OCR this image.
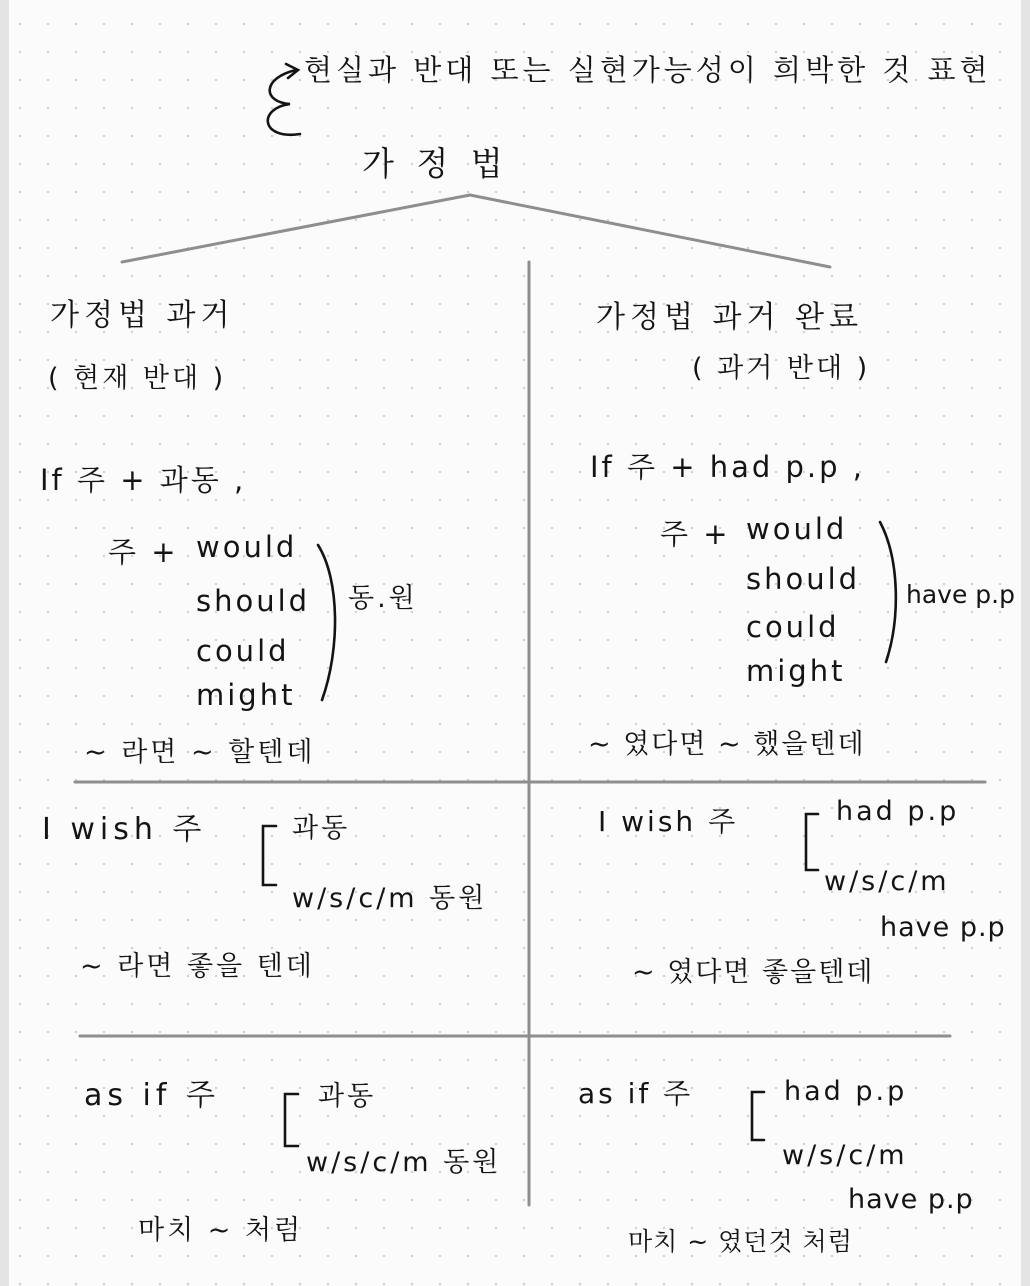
현실과 반대 또는 실현가능성이 희박한 것 표현
가 정 법
가정법 과거
( 현재 반대 )
If 주 + 과동 ,
주 + would
should
could
might
동.원
~ 라면 ~ 할텐데
I wish 주	과동
w/s/c/m 동원
~ 라면 좋을 텐데
as if 주	과동
w/s/c/m 동원
마치 ~ 처럼
가정법 과거 완료
( 과거 반대 )
If 주 + had p.p ,
주 + would
should
could
might
have p.p
~ 였다면 ~ 했을텐데
I wish 주	had p.p
w/s/c/m
have p.p
~ 였다면 좋을텐데
as if 주	had p.p
w/s/c/m
have p.p
마치 ~ 였던것 처럼
